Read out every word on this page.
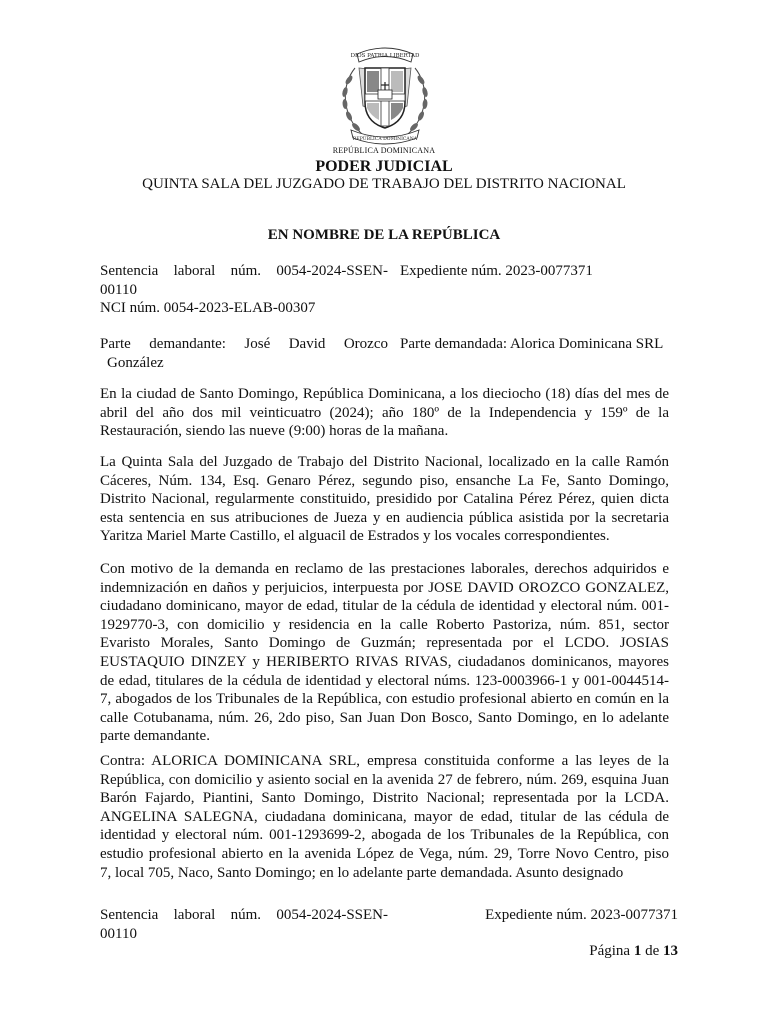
DIOS PATRIA LIBERTAD
REPÚBLICA DOMINICANA
REPÚBLICA DOMINICANA
PODER JUDICIAL
QUINTA SALA DEL JUZGADO DE TRABAJO DEL DISTRITO NACIONAL
EN NOMBRE DE LA REPÚBLICA
Sentencia laboral núm. 0054-2024-SSEN-
00110
Expediente núm. 2023-0077371
NCI núm. 0054-2023-ELAB-00307
Parte demandante: José David Orozco
González
Parte demandada: Alorica Dominicana SRL
En la ciudad de Santo Domingo, República Dominicana, a los dieciocho (18) días del mes de
abril del año dos mil veinticuatro (2024); año 180º de la Independencia y 159º de la
Restauración, siendo las nueve (9:00) horas de la mañana.
La Quinta Sala del Juzgado de Trabajo del Distrito Nacional, localizado en la calle Ramón
Cáceres, Núm. 134, Esq. Genaro Pérez, segundo piso, ensanche La Fe, Santo Domingo,
Distrito Nacional, regularmente constituido, presidido por Catalina Pérez Pérez, quien dicta
esta sentencia en sus atribuciones de Jueza y en audiencia pública asistida por la secretaria
Yaritza Mariel Marte Castillo, el alguacil de Estrados y los vocales correspondientes.
Con motivo de la demanda en reclamo de las prestaciones laborales, derechos adquiridos e
indemnización en daños y perjuicios, interpuesta por JOSE DAVID OROZCO GONZALEZ,
ciudadano dominicano, mayor de edad, titular de la cédula de identidad y electoral núm. 001-
1929770-3, con domicilio y residencia en la calle Roberto Pastoriza, núm. 851, sector
Evaristo Morales, Santo Domingo de Guzmán; representada por el LCDO. JOSIAS
EUSTAQUIO DINZEY y HERIBERTO RIVAS RIVAS, ciudadanos dominicanos, mayores
de edad, titulares de la cédula de identidad y electoral núms. 123-0003966-1 y 001-0044514-
7, abogados de los Tribunales de la República, con estudio profesional abierto en común en la
calle Cotubanama, núm. 26, 2do piso, San Juan Don Bosco, Santo Domingo, en lo adelante
parte demandante.
Contra: ALORICA DOMINICANA SRL, empresa constituida conforme a las leyes de la
República, con domicilio y asiento social en la avenida 27 de febrero, núm. 269, esquina Juan
Barón Fajardo, Piantini, Santo Domingo, Distrito Nacional; representada por la LCDA.
ANGELINA SALEGNA, ciudadana dominicana, mayor de edad, titular de las cédula de
identidad y electoral núm. 001-1293699-2, abogada de los Tribunales de la República, con
estudio profesional abierto en la avenida López de Vega, núm. 29, Torre Novo Centro, piso
7, local 705, Naco, Santo Domingo; en lo adelante parte demandada. Asunto designado
Sentencia laboral núm. 0054-2024-SSEN-
00110
Expediente núm. 2023-0077371
Página 1 de 13
